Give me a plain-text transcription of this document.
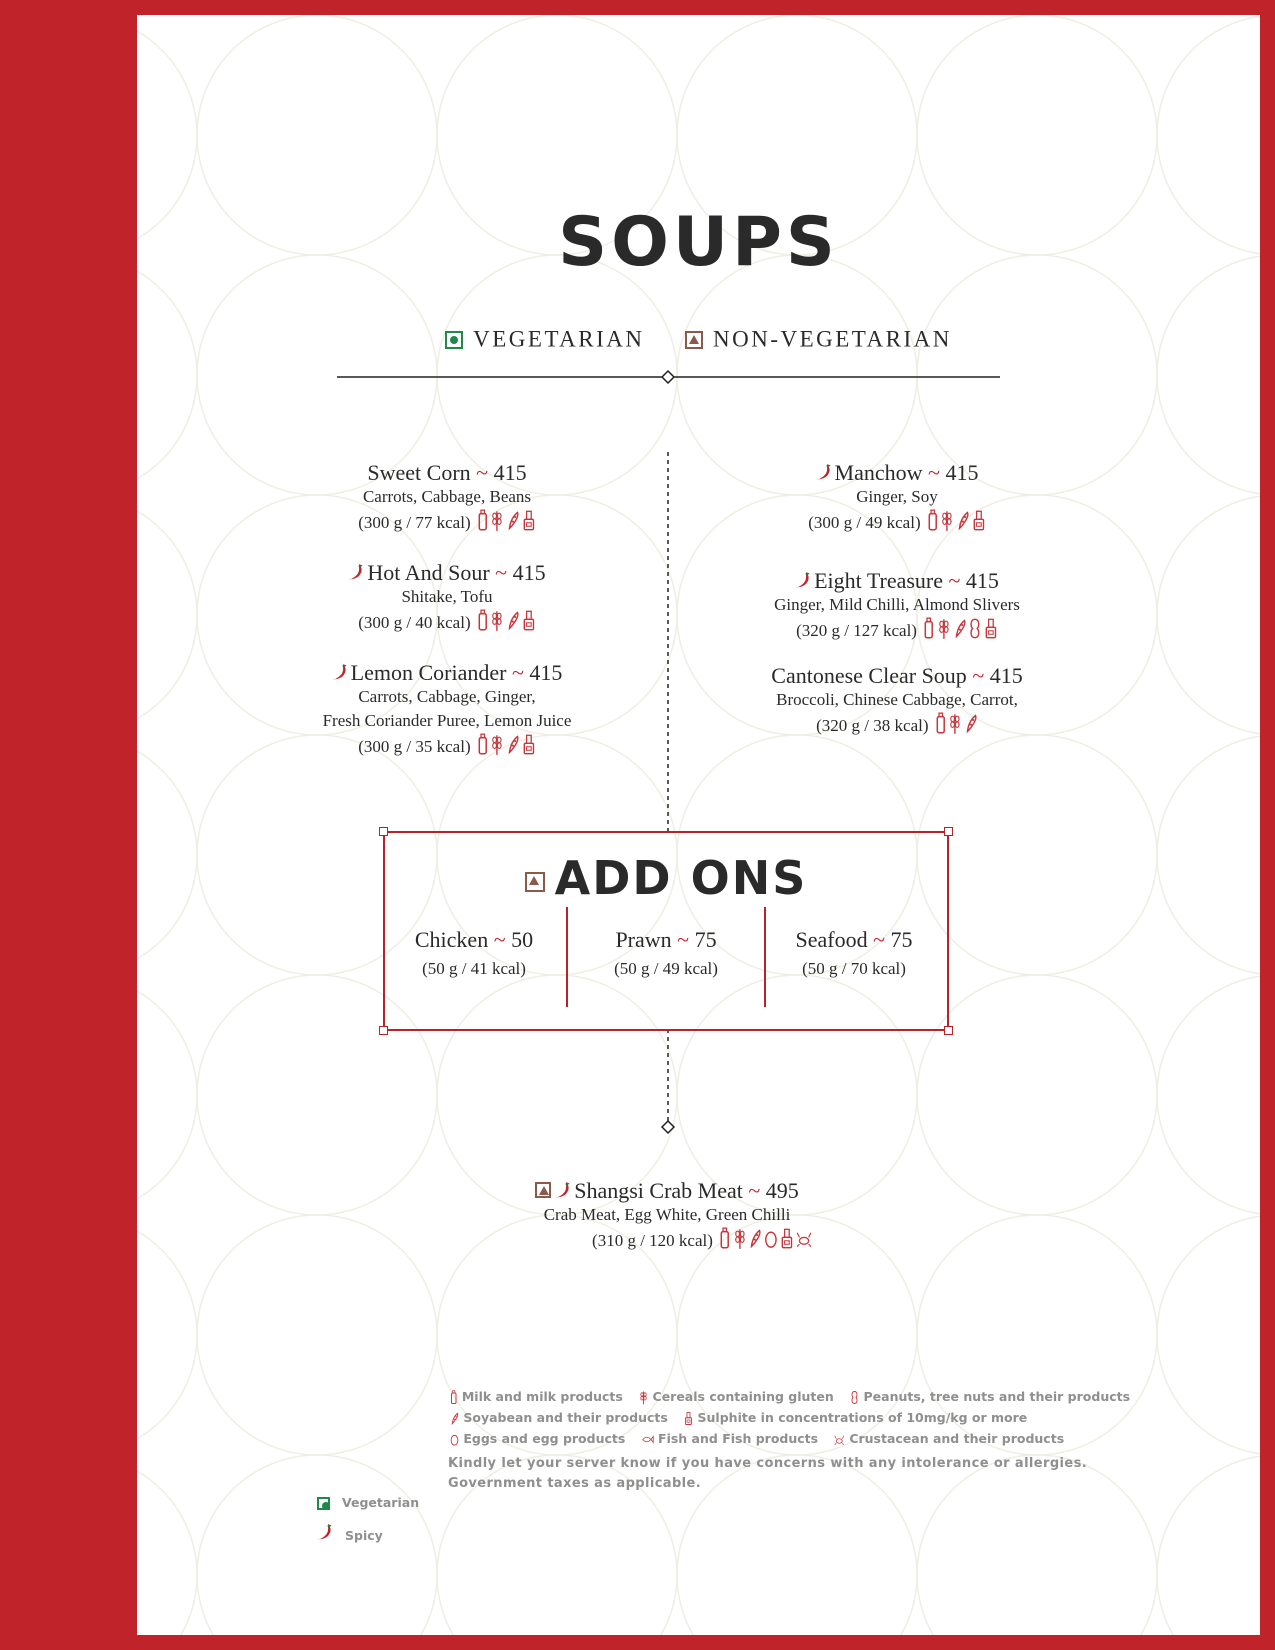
SOUPS
VEGETARIAN	NON-VEGETARIAN
Sweet Corn ~ 415
Carrots, Cabbage, Beans
(300 g / 77 kcal)
Hot And Sour ~ 415
Shitake, Tofu
(300 g / 40 kcal)
Lemon Coriander ~ 415
Carrots, Cabbage, Ginger,
Fresh Coriander Puree, Lemon Juice
(300 g / 35 kcal)
Manchow ~ 415
Ginger, Soy
(300 g / 49 kcal)
Eight Treasure ~ 415
Ginger, Mild Chilli, Almond Slivers
(320 g / 127 kcal)
Cantonese Clear Soup ~ 415
Broccoli, Chinese Cabbage, Carrot,
(320 g / 38 kcal)
ADD ONS
Chicken ~ 50
(50 g / 41 kcal)
Prawn ~ 75
(50 g / 49 kcal)
Seafood ~ 75
(50 g / 70 kcal)
Shangsi Crab Meat ~ 495
Crab Meat, Egg White, Green Chilli
(310 g / 120 kcal)
Vegetarian
Spicy
Milk and milk products Cereals containing gluten Peanuts, tree nuts and their products
Soyabean and their products Sulphite in concentrations of 10mg/kg or more
Eggs and egg products	Fish and Fish products Crustacean and their products
Kindly let your server know if you have concerns with any intolerance or allergies.
Government taxes as applicable.
